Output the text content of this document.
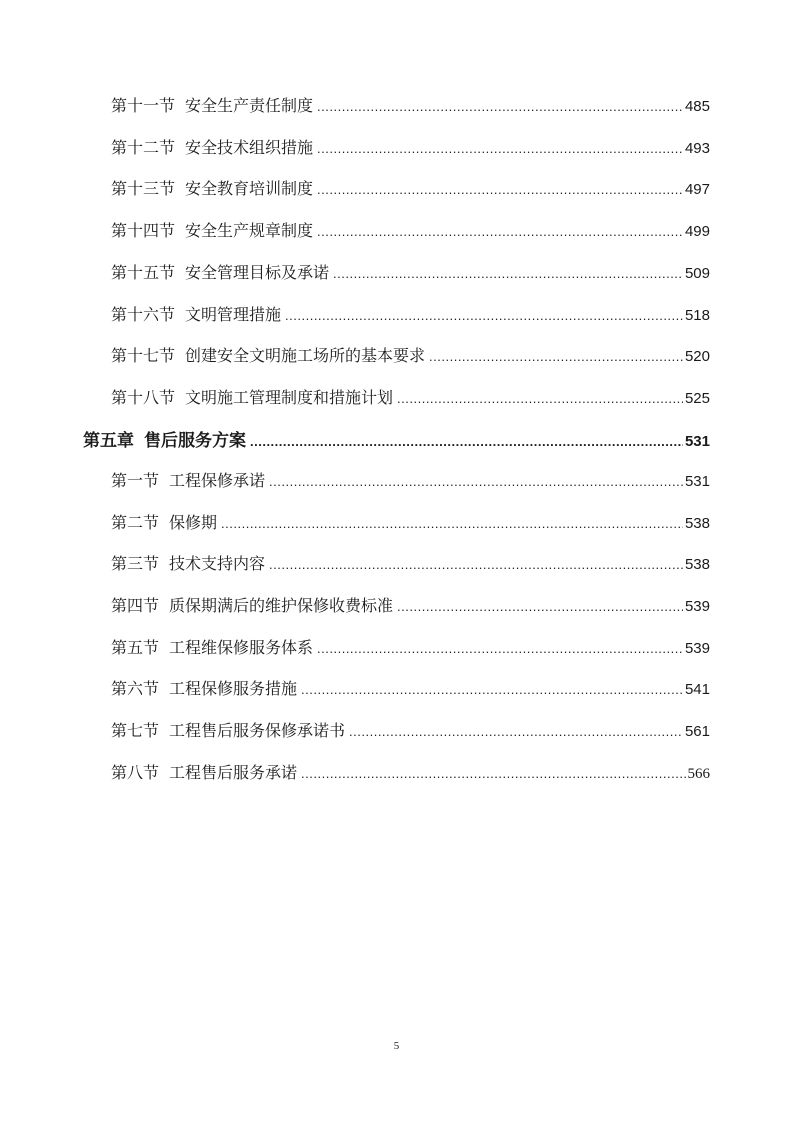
第十一节 安全生产责任制度 .....	485
第十二节 安全技术组织措施 .....	493
第十三节 安全教育培训制度 .....	497
第十四节 安全生产规章制度 .....	499
第十五节 安全管理目标及承诺 .....	509
第十六节 文明管理措施 .....	518
第十七节 创建安全文明施工场所的基本要求 .....	520
第十八节 文明施工管理制度和措施计划 .....	525
第五章 售后服务方案 .....	531
第一节 工程保修承诺 .....	531
第二节 保修期 .....	538
第三节 技术支持内容 .....	538
第四节 质保期满后的维护保修收费标准 .....	539
第五节 工程维保修服务体系 .....	539
第六节 工程保修服务措施 .....	541
第七节 工程售后服务保修承诺书 .....	561
第八节 工程售后服务承诺 .....	566
5
